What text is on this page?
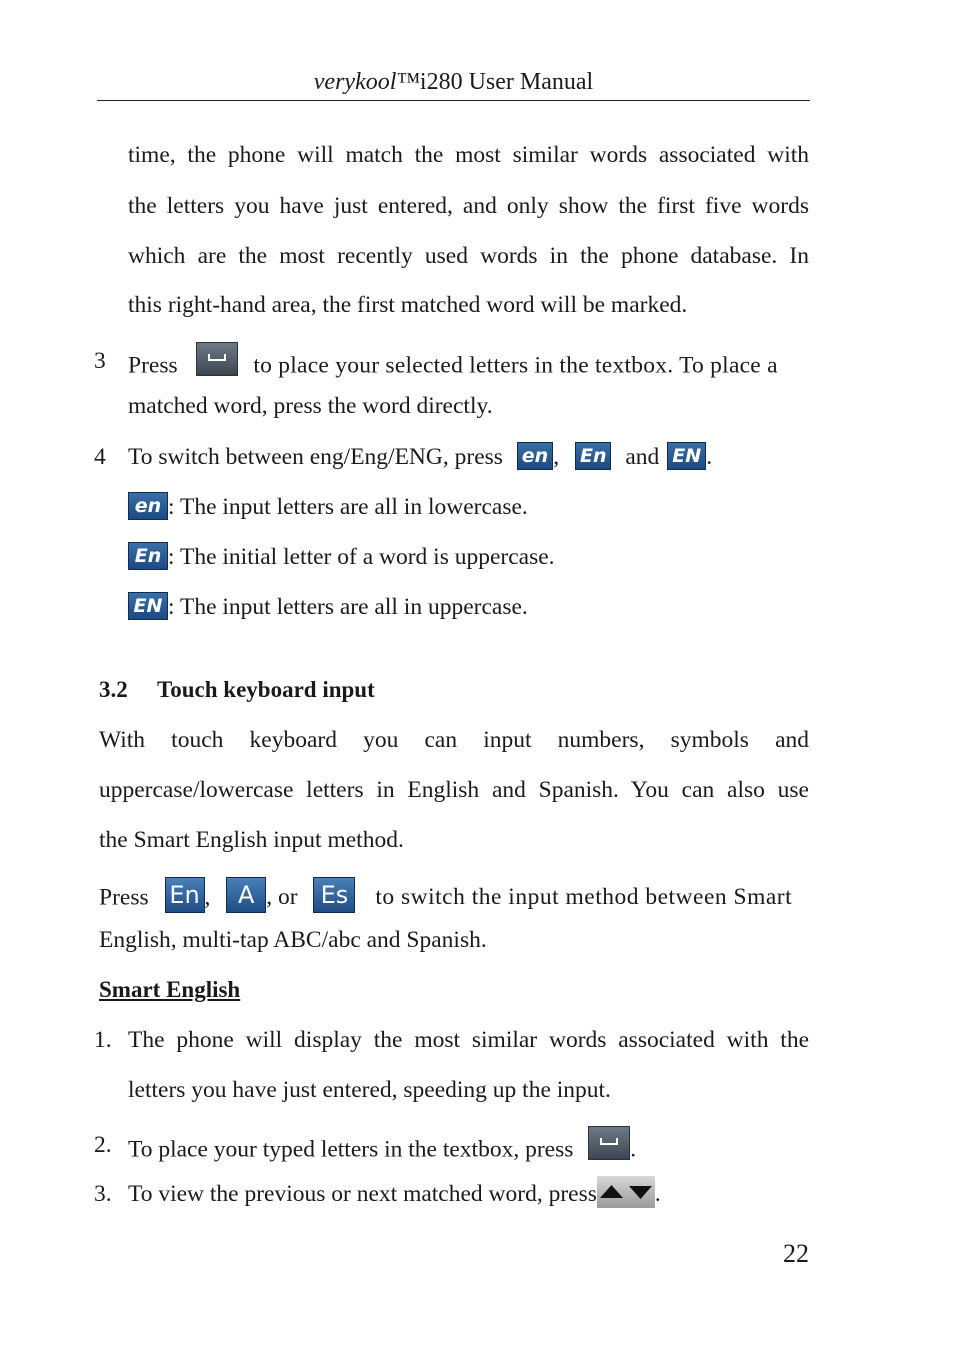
verykool™i280 User Manual
time, the phone will match the most similar words associated with
the letters you have just entered, and only show the first five words
which are the most recently used words in the phone database. In
this right-hand area, the first matched word will be marked.
3 Press	to place your selected letters in the textbox. To place a
matched word, press the word directly.
4 To switch between eng/Eng/ENG, press en , En and EN .
en : The input letters are all in lowercase.
En : The initial letter of a word is uppercase.
EN : The input letters are all in uppercase.
3.2 Touch keyboard input
With touch keyboard you can input numbers, symbols and
uppercase/lowercase letters in English and Spanish. You can also use
the Smart English input method.
Press En , A , or Es to switch the input method between Smart
English, multi-tap ABC/abc and Spanish.
Smart English
1. The phone will display the most similar words associated with the
letters you have just entered, speeding up the input.
2. To place your typed letters in the textbox, press .
3. To view the previous or next matched word, press .
22
